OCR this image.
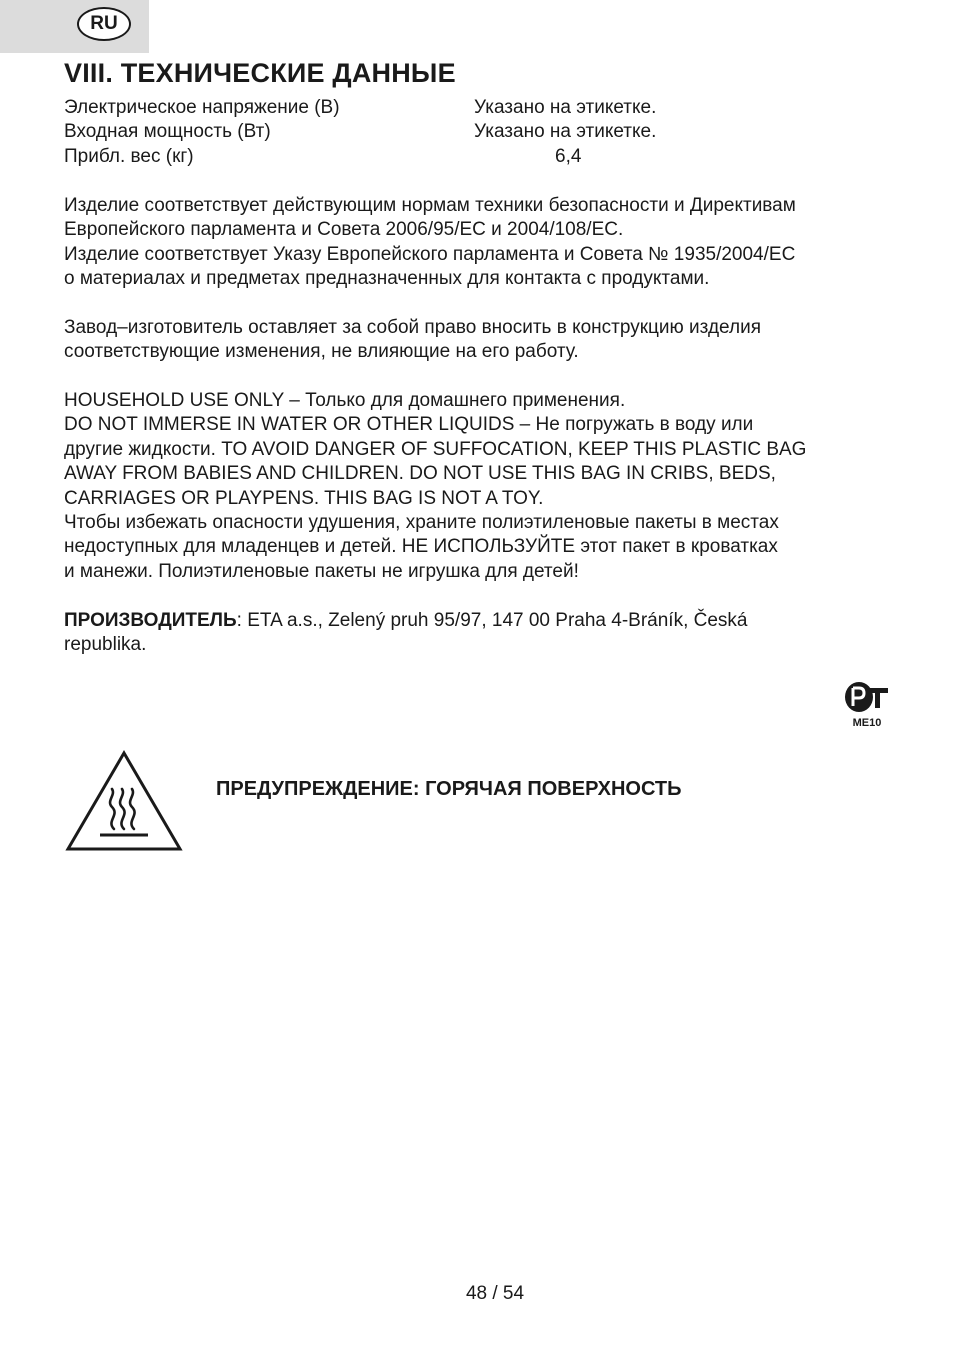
RU
VIII. ТЕХНИЧЕСКИЕ ДАННЫЕ
Электрическое напряжение (В)	Указано на этикетке.
Входная мощность (Вт)	Указано на этикетке.
Прибл. вес (кг)	6,4

Изделие соответствует действующим нормам техники безопасности и Директивам
Европейского парламента и Совета 2006/95/ЕС и 2004/108/ЕС.
Изделие соответствует Указу Европейского парламента и Совета № 1935/2004/ЕС
о материалах и предметах предназначенных для контакта с продуктами.

Завод–изготовитель оставляет за собой право вносить в конструкцию изделия
соответствующие изменения, не влияющие на его работу.

HOUSEHOLD USE ONLY – Только для домашнего применения.
DO NOT IMMERSE IN WATER OR OTHER LIQUIDS – Не погружать в воду или
другие жидкости. TO AVOID DANGER OF SUFFOCATION, KEEP THIS PLASTIC BAG
AWAY FROM BABIES AND CHILDREN. DO NOT USE THIS BAG IN CRIBS, BEDS,
CARRIAGES OR PLAYPENS. THIS BAG IS NOT A TOY.
Чтобы избежать опасности удушения, храните полиэтиленовые пакеты в местах
недоступных для младенцев и детей. НЕ ИСПОЛЬЗУЙТЕ этот пакет в кроватках
и манежи. Полиэтиленовые пакеты не игрушка для детей!

ПРОИЗВОДИТЕЛЬ: ETA a.s., Zelený pruh 95/97, 147 00 Praha 4-Bráník, Česká
republika.

ME10

ПРЕДУПРЕЖДЕНИЕ: ГОРЯЧАЯ ПОВЕРХНОСТЬ

48 / 54
